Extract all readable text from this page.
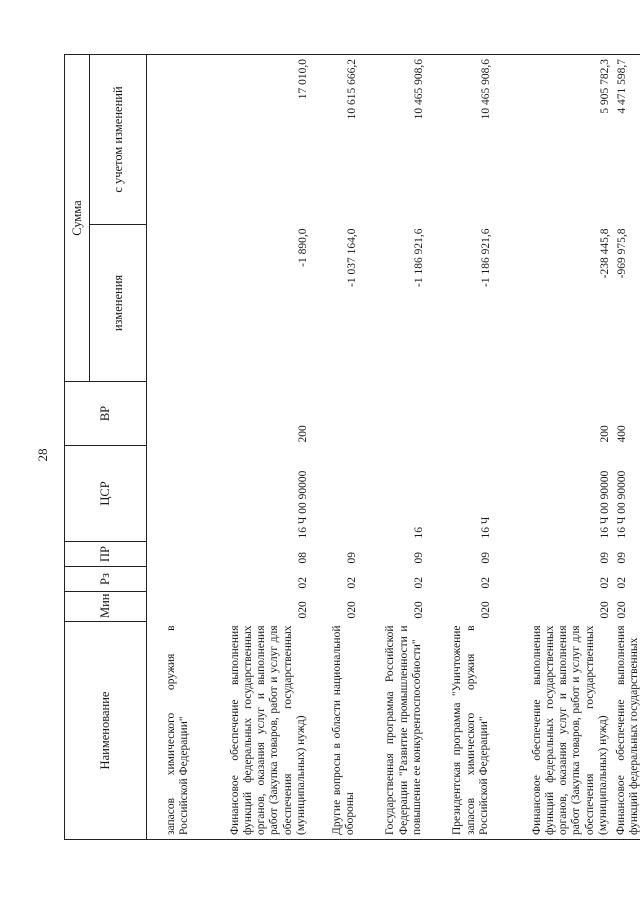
28
Наименование	Мин	Рз	ПР	ЦСР	ВР	Сумма	
						изменения	с учетом изменений
запасов химического оружия в Российской Федерации"							
Финансовое обеспечение выполнения функций федеральных государственных органов, оказания услуг и выполнения работ (Закупка товаров, работ и услуг для обеспечения государственных (муниципальных) нужд)	020	02	08	16 Ч 00 90000	200	-1 890,0	17 010,0
Другие вопросы в области национальной обороны	020	02	09			-1 037 164,0	10 615 666,2
Государственная программа Российской Федерации "Развитие промышленности и повышение ее конкурентоспособности"	020	02	09	16		-1 186 921,6	10 465 908,6
Президентская программа "Уничтожение запасов химического оружия в Российской Федерации"	020	02	09	16 Ч		-1 186 921,6	10 465 908,6
Финансовое обеспечение выполнения функций федеральных государственных органов, оказания услуг и выполнения работ (Закупка товаров, работ и услуг для обеспечения государственных (муниципальных) нужд)	020	02	09	16 Ч 00 90000	200	-238 445,8	5 905 782,3
Финансовое обеспечение выполнения функций федеральных государственных	020	02	09	16 Ч 00 90000	400	-969 975,8	4 471 598,7
